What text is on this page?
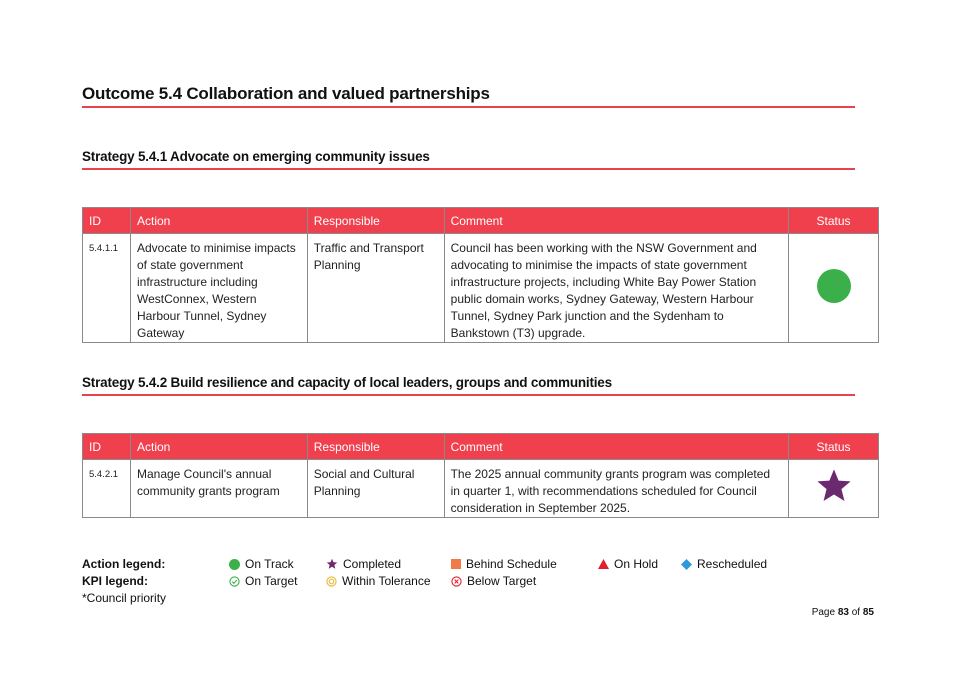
Outcome 5.4 Collaboration and valued partnerships
Strategy 5.4.1 Advocate on emerging community issues
ID	Action	Responsible	Comment	Status
5.4.1.1	Advocate to minimise impacts of state government infrastructure including WestConnex, Western Harbour Tunnel, Sydney Gateway	Traffic and Transport Planning	Council has been working with the NSW Government and advocating to minimise the impacts of state government infrastructure projects, including White Bay Power Station public domain works, Sydney Gateway, Western Harbour Tunnel, Sydney Park junction and the Sydenham to Bankstown (T3) upgrade.	
Strategy 5.4.2 Build resilience and capacity of local leaders, groups and communities
ID	Action	Responsible	Comment	Status
5.4.2.1	Manage Council's annual community grants program	Social and Cultural Planning	The 2025 annual community grants program was completed in quarter 1, with recommendations scheduled for Council consideration in September 2025.	
Action legend:
KPI legend:
*Council priority
On Track	Completed	Behind Schedule	On Hold	Rescheduled
On Target	Within Tolerance	Below Target
Page 83 of 85
